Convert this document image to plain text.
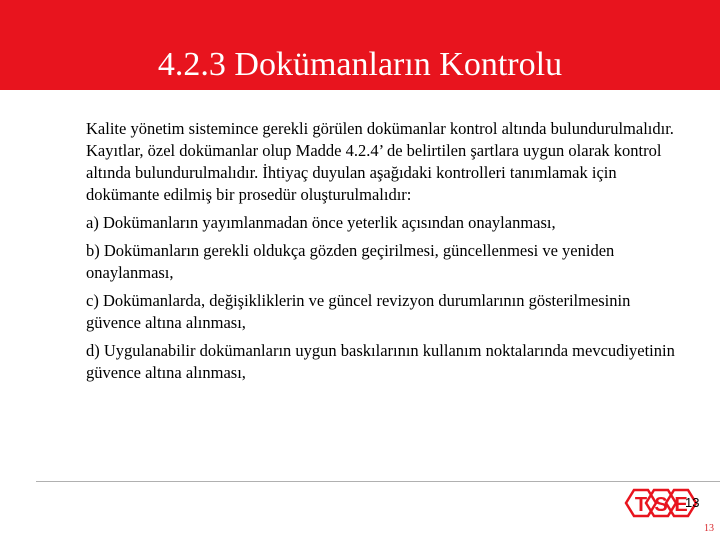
4.2.3 Dokümanların Kontrolu

Kalite yönetim sistemince gerekli görülen dokümanlar kontrol altında bulundurulmalıdır. Kayıtlar, özel dokümanlar olup Madde 4.2.4’ de belirtilen şartlara uygun olarak kontrol altında bulundurulmalıdır. İhtiyaç duyulan aşağıdaki kontrolleri tanımlamak için dokümante edilmiş bir prosedür oluşturulmalıdır:

a) Dokümanların yayımlanmadan önce yeterlik açısından onaylanması,

b) Dokümanların gerekli oldukça gözden geçirilmesi, güncellenmesi ve yeniden onaylanması,

c) Dokümanlarda, değişikliklerin ve güncel revizyon durumlarının gösterilmesinin güvence altına alınması,

d) Uygulanabilir dokümanların uygun baskılarının kullanım noktalarında mevcudiyetinin güvence altına alınması,

T S E
13
13
